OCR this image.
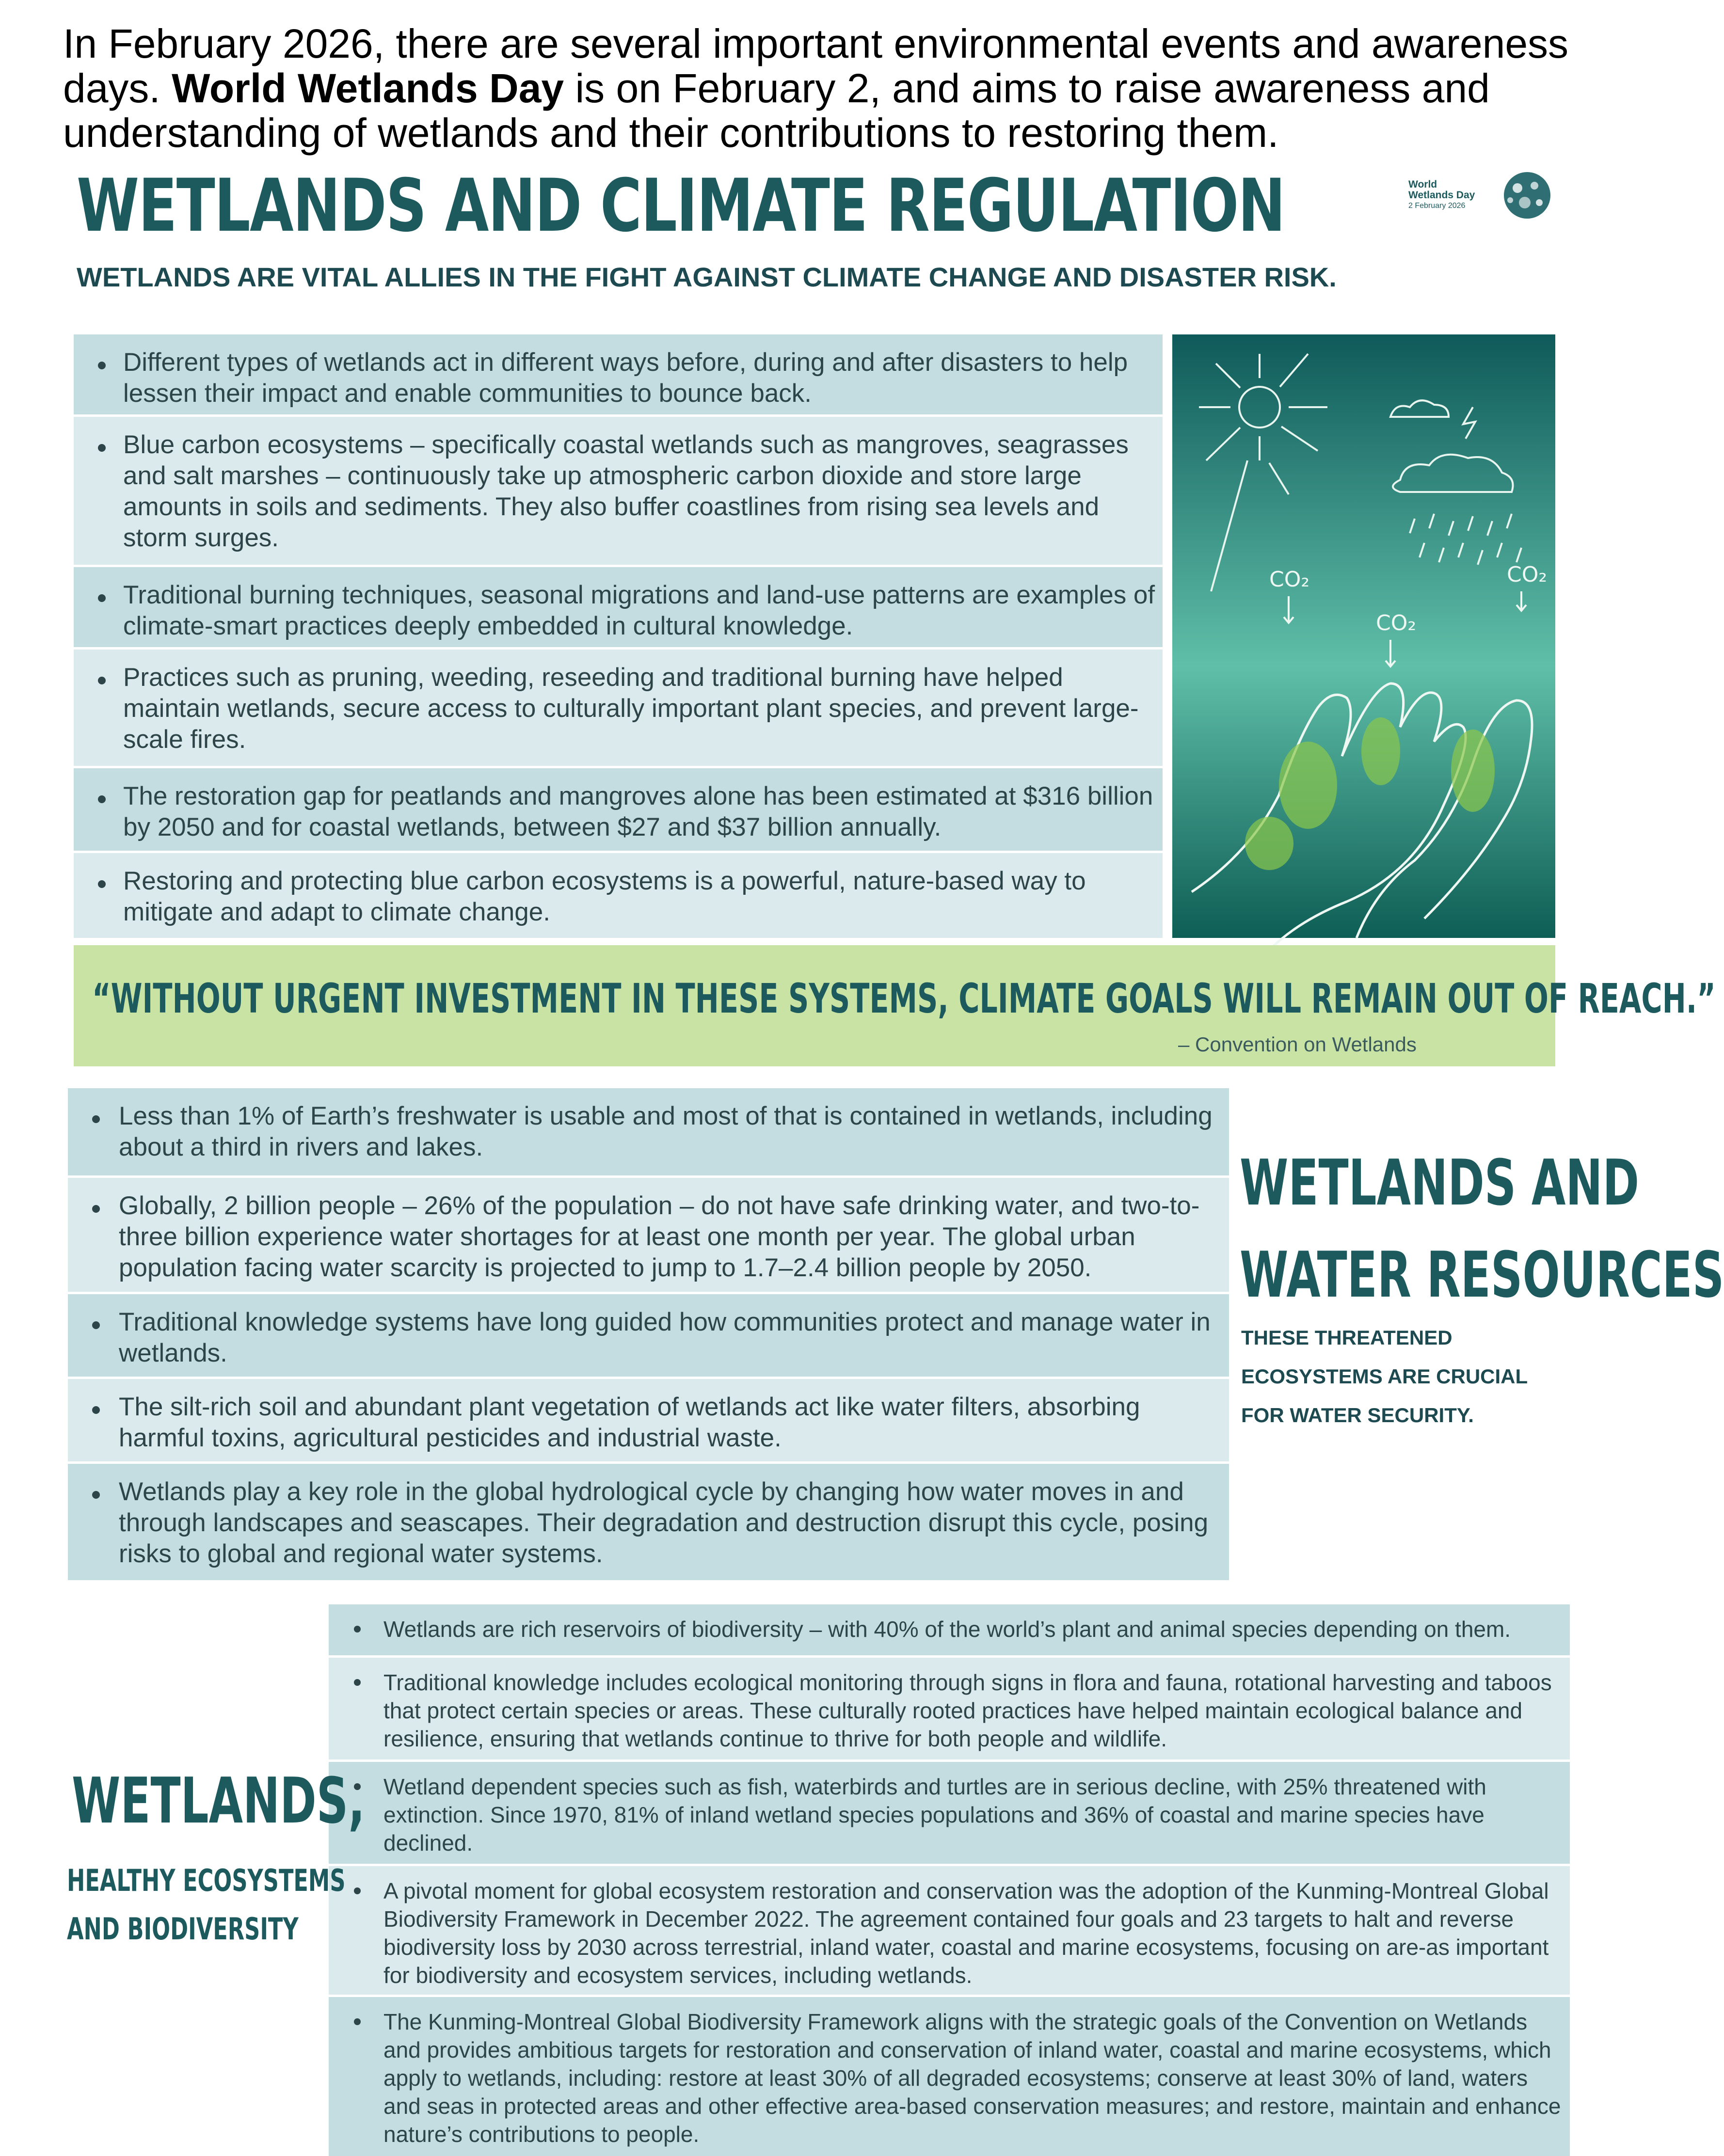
In February 2026, there are several important environmental events and awareness days. World Wetlands Day is on February 2, and aims to raise awareness and understanding of wetlands and their contributions to restoring them.
WETLANDS AND CLIMATE REGULATION	World
Wetlands Day
2 February 2026
WETLANDS ARE VITAL ALLIES IN THE FIGHT AGAINST CLIMATE CHANGE AND DISASTER RISK.
Different types of wetlands act in different ways before, during and after disasters to help lessen their impact and enable communities to bounce back.
Blue carbon ecosystems – specifically coastal wetlands such as mangroves, seagrasses and salt marshes – continuously take up atmospheric carbon dioxide and store large amounts in soils and sediments. They also buffer coastlines from rising sea levels and storm surges.
Traditional burning techniques, seasonal migrations and land-use patterns are examples of climate-smart practices deeply embedded in cultural knowledge.
Practices such as pruning, weeding, reseeding and traditional burning have helped maintain wetlands, secure access to culturally important plant species, and prevent large-scale fires.
The restoration gap for peatlands and mangroves alone has been estimated at $316 billion by 2050 and for coastal wetlands, between $27 and $37 billion annually.
Restoring and protecting blue carbon ecosystems is a powerful, nature-based way to mitigate and adapt to climate change.
CO₂
CO₂
CO₂
“WITHOUT URGENT INVESTMENT IN THESE SYSTEMS, CLIMATE GOALS WILL REMAIN OUT OF REACH.”
– Convention on Wetlands
Less than 1% of Earth’s freshwater is usable and most of that is contained in wetlands, including about a third in rivers and lakes.
Globally, 2 billion people – 26% of the population – do not have safe drinking water, and two-to-three billion experience water shortages for at least one month per year. The global urban population facing water scarcity is projected to jump to 1.7–2.4 billion people by 2050.
Traditional knowledge systems have long guided how communities protect and manage water in wetlands.
The silt-rich soil and abundant plant vegetation of wetlands act like water filters, absorbing harmful toxins, agricultural pesticides and industrial waste.
Wetlands play a key role in the global hydrological cycle by changing how water moves in and through landscapes and seascapes. Their degradation and destruction disrupt this cycle, posing risks to global and regional water systems.
WETLANDS AND
WATER RESOURCES
THESE THREATENED
ECOSYSTEMS ARE CRUCIAL
FOR WATER SECURITY.
Wetlands are rich reservoirs of biodiversity – with 40% of the world’s plant and animal species depending on them.
Traditional knowledge includes ecological monitoring through signs in flora and fauna, rotational harvesting and taboos that protect certain species or areas. These culturally rooted practices have helped maintain ecological balance and resilience, ensuring that wetlands continue to thrive for both people and wildlife.
Wetland dependent species such as fish, waterbirds and turtles are in serious decline, with 25% threatened with extinction. Since 1970, 81% of inland wetland species populations and 36% of coastal and marine species have declined.
A pivotal moment for global ecosystem restoration and conservation was the adoption of the Kunming-Montreal Global Biodiversity Framework in December 2022. The agreement contained four goals and 23 targets to halt and reverse biodiversity loss by 2030 across terrestrial, inland water, coastal and marine ecosystems, focusing on are-as important for biodiversity and ecosystem services, including wetlands.
The Kunming-Montreal Global Biodiversity Framework aligns with the strategic goals of the Convention on Wetlands and provides ambitious targets for restoration and conservation of inland water, coastal and marine ecosystems, which apply to wetlands, including: restore at least 30% of all degraded ecosystems; conserve at least 30% of land, waters and seas in protected areas and other effective area-based conservation measures; and restore, maintain and enhance nature’s contributions to people.
WETLANDS,
HEALTHY ECOSYSTEMS
AND BIODIVERSITY
